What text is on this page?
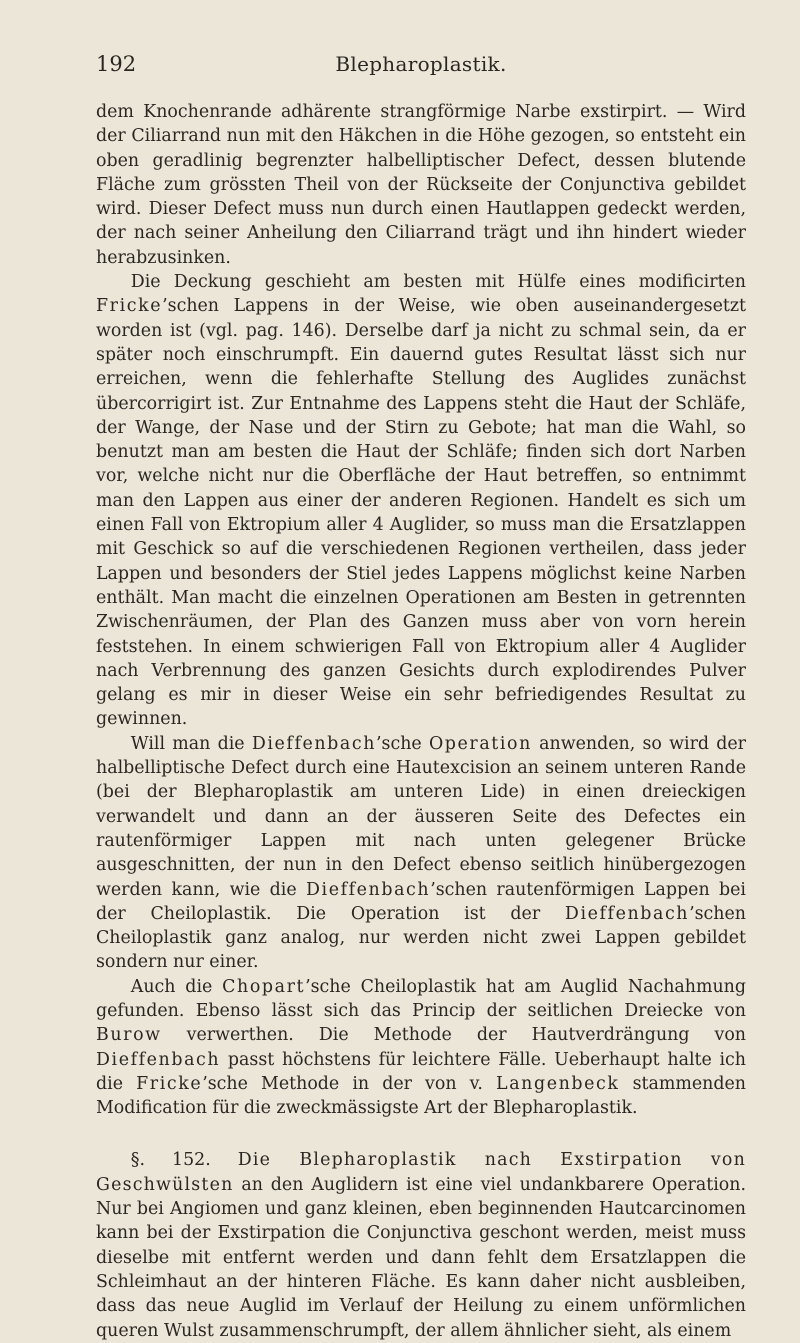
192	Blepharoplastik.

dem Knochenrande adhärente strangförmige Narbe exstirpirt. — Wird der Ciliarrand nun mit den Häkchen in die Höhe gezogen, so entsteht ein oben geradlinig begrenzter halbelliptischer Defect, dessen blutende Fläche zum grössten Theil von der Rückseite der Conjunctiva gebildet wird. Dieser Defect muss nun durch einen Hautlappen gedeckt werden, der nach seiner Anheilung den Ciliarrand trägt und ihn hindert wieder herabzusinken.

Die Deckung geschieht am besten mit Hülfe eines modificirten Fricke’schen Lappens in der Weise, wie oben auseinandergesetzt worden ist (vgl. pag. 146). Derselbe darf ja nicht zu schmal sein, da er später noch einschrumpft. Ein dauernd gutes Resultat lässt sich nur erreichen, wenn die fehlerhafte Stellung des Auglides zunächst übercorrigirt ist. Zur Entnahme des Lappens steht die Haut der Schläfe, der Wange, der Nase und der Stirn zu Gebote; hat man die Wahl, so benutzt man am besten die Haut der Schläfe; finden sich dort Narben vor, welche nicht nur die Oberfläche der Haut betreffen, so entnimmt man den Lappen aus einer der anderen Regionen. Handelt es sich um einen Fall von Ektropium aller 4 Auglider, so muss man die Ersatzlappen mit Geschick so auf die verschiedenen Regionen vertheilen, dass jeder Lappen und besonders der Stiel jedes Lappens möglichst keine Narben enthält. Man macht die einzelnen Operationen am Besten in getrennten Zwischenräumen, der Plan des Ganzen muss aber von vorn herein feststehen. In einem schwierigen Fall von Ektropium aller 4 Auglider nach Verbrennung des ganzen Gesichts durch explodirendes Pulver gelang es mir in dieser Weise ein sehr befriedigendes Resultat zu gewinnen.

Will man die Dieffenbach’sche Operation anwenden, so wird der halbelliptische Defect durch eine Hautexcision an seinem unteren Rande (bei der Blepharoplastik am unteren Lide) in einen dreieckigen verwandelt und dann an der äusseren Seite des Defectes ein rautenförmiger Lappen mit nach unten gelegener Brücke ausgeschnitten, der nun in den Defect ebenso seitlich hinübergezogen werden kann, wie die Dieffenbach’schen rautenförmigen Lappen bei der Cheiloplastik. Die Operation ist der Dieffenbach’schen Cheiloplastik ganz analog, nur werden nicht zwei Lappen gebildet sondern nur einer.

Auch die Chopart’sche Cheiloplastik hat am Auglid Nachahmung gefunden. Ebenso lässt sich das Princip der seitlichen Dreiecke von Burow verwerthen. Die Methode der Hautverdrängung von Dieffenbach passt höchstens für leichtere Fälle. Ueberhaupt halte ich die Fricke’sche Methode in der von v. Langenbeck stammenden Modification für die zweckmässigste Art der Blepharoplastik.

§. 152. Die Blepharoplastik nach Exstirpation von Geschwülsten an den Auglidern ist eine viel undankbarere Operation. Nur bei Angiomen und ganz kleinen, eben beginnenden Hautcarcinomen kann bei der Exstirpation die Conjunctiva geschont werden, meist muss dieselbe mit entfernt werden und dann fehlt dem Ersatzlappen die Schleimhaut an der hinteren Fläche. Es kann daher nicht ausbleiben, dass das neue Auglid im Verlauf der Heilung zu einem unförmlichen queren Wulst zusammenschrumpft, der allem ähnlicher sieht, als einem
